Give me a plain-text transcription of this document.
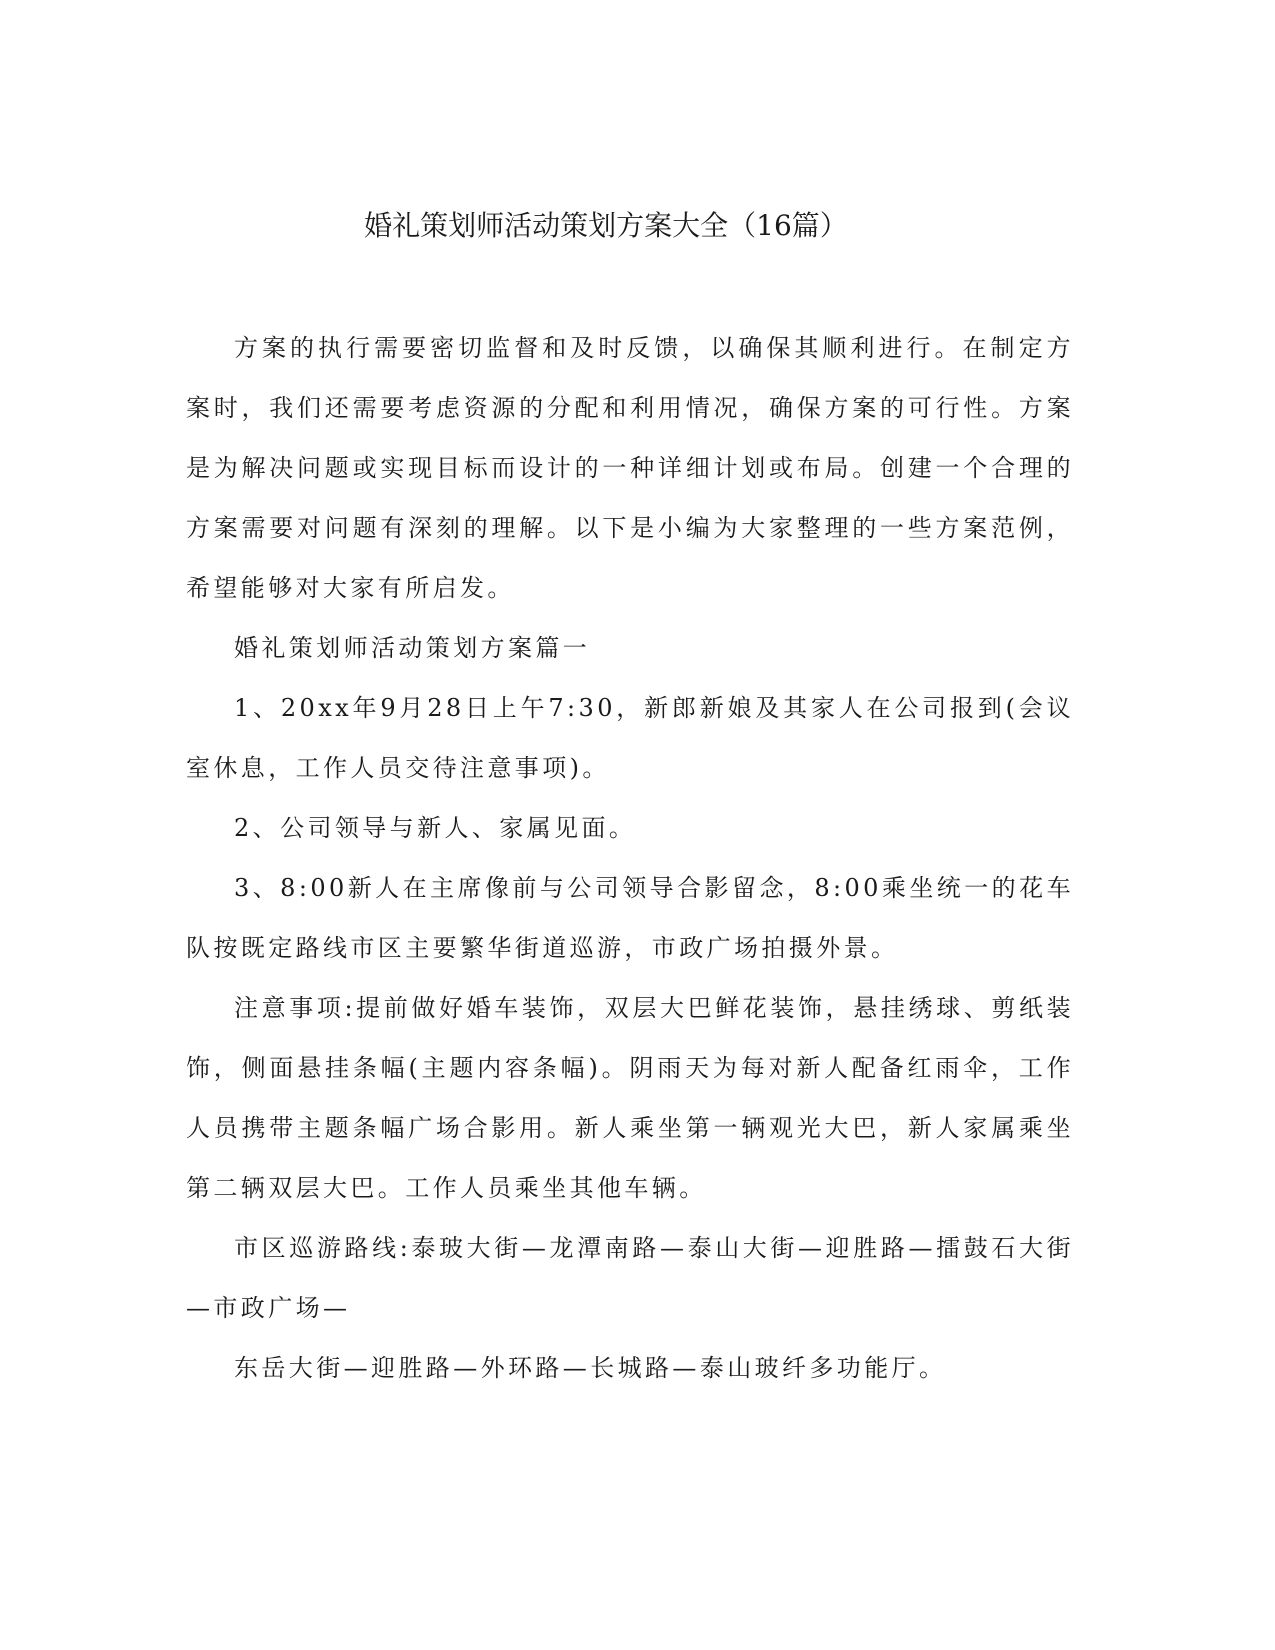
婚礼策划师活动策划方案大全（16篇）

方案的执行需要密切监督和及时反馈，以确保其顺利进行。在制定方案时，我们还需要考虑资源的分配和利用情况，确保方案的可行性。方案是为解决问题或实现目标而设计的一种详细计划或布局。创建一个合理的方案需要对问题有深刻的理解。以下是小编为大家整理的一些方案范例，希望能够对大家有所启发。

婚礼策划师活动策划方案篇一

1、20xx年9月28日上午7:30，新郎新娘及其家人在公司报到(会议室休息，工作人员交待注意事项)。

2、公司领导与新人、家属见面。

3、8:00新人在主席像前与公司领导合影留念，8:00乘坐统一的花车队按既定路线市区主要繁华街道巡游，市政广场拍摄外景。

注意事项:提前做好婚车装饰，双层大巴鲜花装饰，悬挂绣球、剪纸装饰，侧面悬挂条幅(主题内容条幅)。阴雨天为每对新人配备红雨伞，工作人员携带主题条幅广场合影用。新人乘坐第一辆观光大巴，新人家属乘坐第二辆双层大巴。工作人员乘坐其他车辆。

市区巡游路线:泰玻大街—龙潭南路—泰山大街—迎胜路—擂鼓石大街—市政广场—

东岳大街—迎胜路—外环路—长城路—泰山玻纤多功能厅。
